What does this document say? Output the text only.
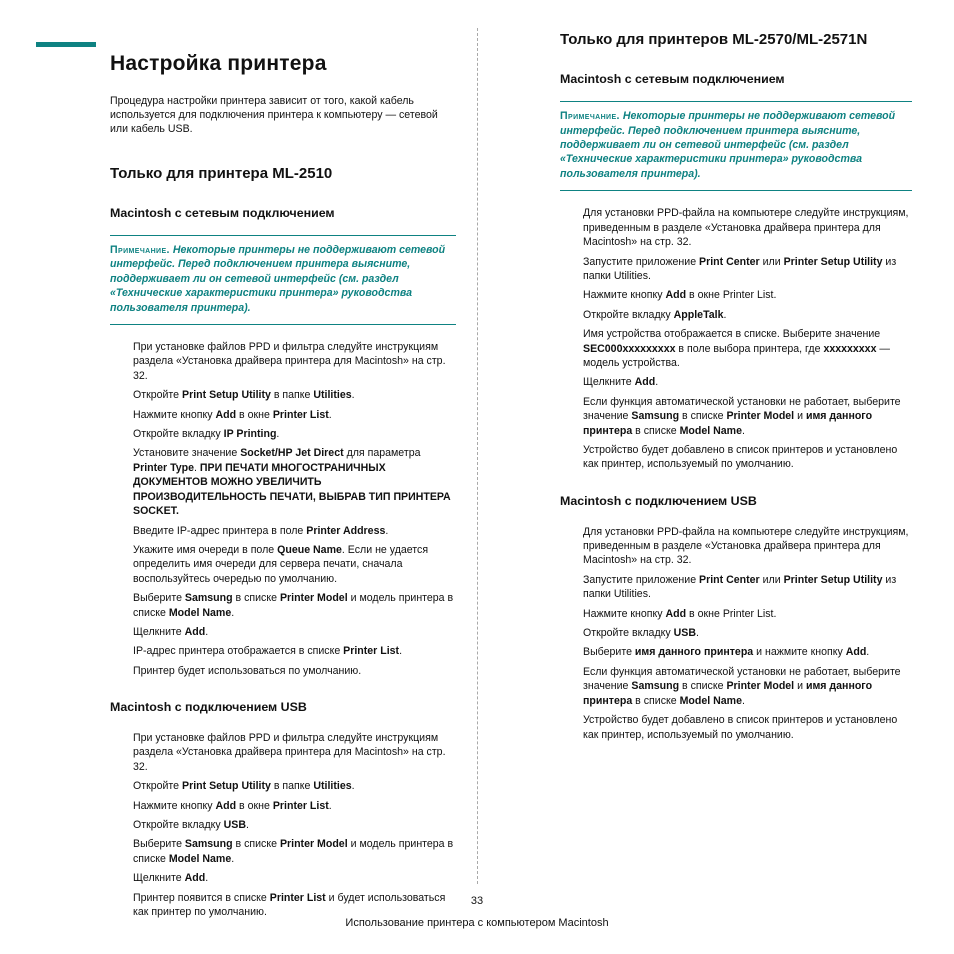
Настройка принтера

Процедура настройки принтера зависит от того, какой кабель используется для подключения принтера к компьютеру — сетевой или кабель USB.

Только для принтера ML-2510
Macintosh с сетевым подключением
Примечание. Некоторые принтеры не поддерживают сетевой интерфейс. Перед подключением принтера выясните, поддерживает ли он сетевой интерфейс (см. раздел «Технические характеристики принтера» руководства пользователя принтера).
При установке файлов PPD и фильтра следуйте инструкциям раздела «Установка драйвера принтера для Macintosh» на стр. 32.
Откройте Print Setup Utility в папке Utilities.
Нажмите кнопку Add в окне Printer List.
Откройте вкладку IP Printing.
Установите значение Socket/HP Jet Direct для параметра Printer Type. ПРИ ПЕЧАТИ МНОГОСТРАНИЧНЫХ ДОКУМЕНТОВ МОЖНО УВЕЛИЧИТЬ ПРОИЗВОДИТЕЛЬНОСТЬ ПЕЧАТИ, ВЫБРАВ ТИП ПРИНТЕРА SOCKET.
Введите IP-адрес принтера в поле Printer Address.
Укажите имя очереди в поле Queue Name. Если не удается определить имя очереди для сервера печати, сначала воспользуйтесь очередью по умолчанию.
Выберите Samsung в списке Printer Model и модель принтера в списке Model Name.
Щелкните Add.
IP-адрес принтера отображается в списке Printer List.
Принтер будет использоваться по умолчанию.
Macintosh с подключением USB
При установке файлов PPD и фильтра следуйте инструкциям раздела «Установка драйвера принтера для Macintosh» на стр. 32.
Откройте Print Setup Utility в папке Utilities.
Нажмите кнопку Add в окне Printer List.
Откройте вкладку USB.
Выберите Samsung в списке Printer Model и модель принтера в списке Model Name.
Щелкните Add.
Принтер появится в списке Printer List и будет использоваться как принтер по умолчанию.
Только для принтеров ML-2570/ML-2571N
Macintosh с сетевым подключением
Примечание. Некоторые принтеры не поддерживают сетевой интерфейс. Перед подключением принтера выясните, поддерживает ли он сетевой интерфейс (см. раздел «Технические характеристики принтера» руководства пользователя принтера).
Для установки PPD-файла на компьютере следуйте инструкциям, приведенным в разделе «Установка драйвера принтера для Macintosh» на стр. 32.
Запустите приложение Print Center или Printer Setup Utility из папки Utilities.
Нажмите кнопку Add в окне Printer List.
Откройте вкладку AppleTalk.
Имя устройства отображается в списке. Выберите значение SEC000xxxxxxxxx в поле выбора принтера, где xxxxxxxxx — модель устройства.
Щелкните Add.
Если функция автоматической установки не работает, выберите значение Samsung в списке Printer Model и имя данного принтера в списке Model Name.
Устройство будет добавлено в список принтеров и установлено как принтер, используемый по умолчанию.
Macintosh с подключением USB
Для установки PPD-файла на компьютере следуйте инструкциям, приведенным в разделе «Установка драйвера принтера для Macintosh» на стр. 32.
Запустите приложение Print Center или Printer Setup Utility из папки Utilities.
Нажмите кнопку Add в окне Printer List.
Откройте вкладку USB.
Выберите имя данного принтера и нажмите кнопку Add.
Если функция автоматической установки не работает, выберите значение Samsung в списке Printer Model и имя данного принтера в списке Model Name.
Устройство будет добавлено в список принтеров и установлено как принтер, используемый по умолчанию.
33
Использование принтера с компьютером Macintosh
